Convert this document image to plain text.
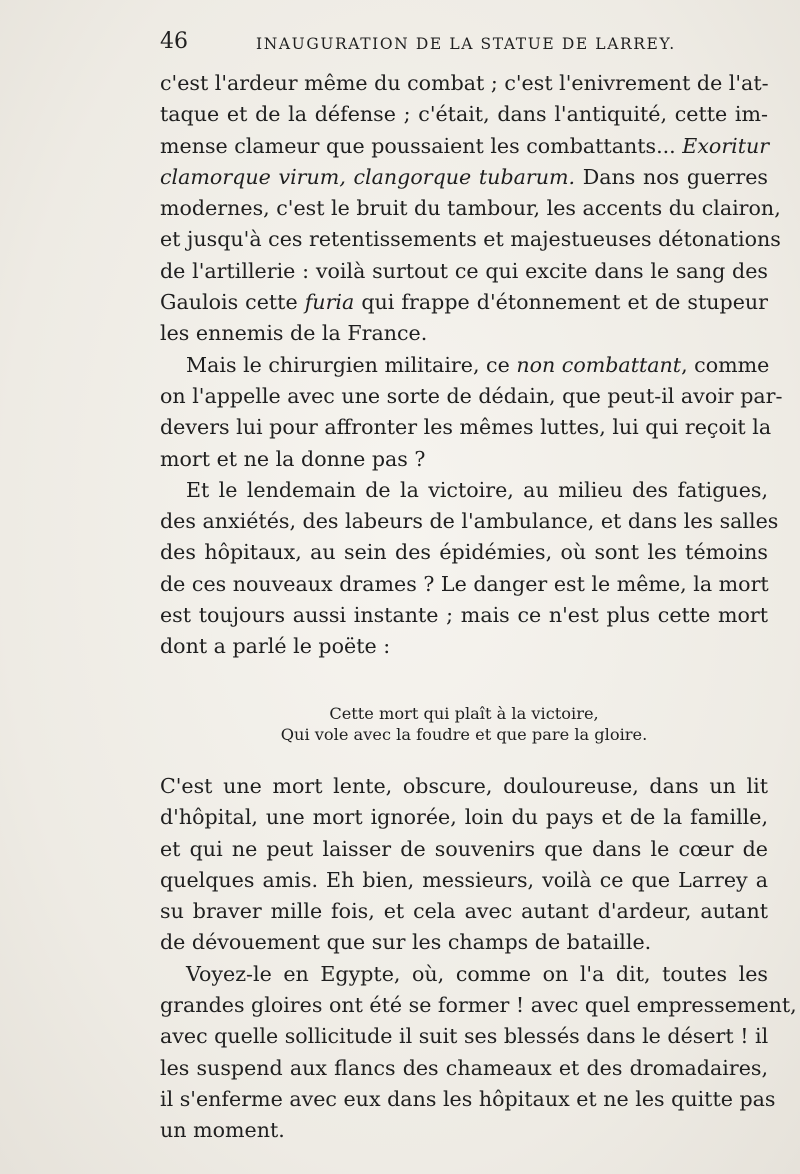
46	INAUGURATION DE LA STATUE DE LARREY.
c'est l'ardeur même du combat ; c'est l'enivrement de l'at-
taque et de la défense ; c'était, dans l'antiquité, cette im-
mense clameur que poussaient les combattants... Exoritur
clamorque virum, clangorque tubarum. Dans nos guerres
modernes, c'est le bruit du tambour, les accents du clairon,
et jusqu'à ces retentissements et majestueuses détonations
de l'artillerie : voilà surtout ce qui excite dans le sang des
Gaulois cette furia qui frappe d'étonnement et de stupeur
les ennemis de la France.
Mais le chirurgien militaire, ce non combattant, comme
on l'appelle avec une sorte de dédain, que peut-il avoir par-
devers lui pour affronter les mêmes luttes, lui qui reçoit la
mort et ne la donne pas ?
Et le lendemain de la victoire, au milieu des fatigues,
des anxiétés, des labeurs de l'ambulance, et dans les salles
des hôpitaux, au sein des épidémies, où sont les témoins
de ces nouveaux drames ? Le danger est le même, la mort
est toujours aussi instante ; mais ce n'est plus cette mort
dont a parlé le poëte :
Cette mort qui plaît à la victoire,
Qui vole avec la foudre et que pare la gloire.
C'est une mort lente, obscure, douloureuse, dans un lit
d'hôpital, une mort ignorée, loin du pays et de la famille,
et qui ne peut laisser de souvenirs que dans le cœur de
quelques amis. Eh bien, messieurs, voilà ce que Larrey a
su braver mille fois, et cela avec autant d'ardeur, autant
de dévouement que sur les champs de bataille.
Voyez-le en Egypte, où, comme on l'a dit, toutes les
grandes gloires ont été se former ! avec quel empressement,
avec quelle sollicitude il suit ses blessés dans le désert ! il
les suspend aux flancs des chameaux et des dromadaires,
il s'enferme avec eux dans les hôpitaux et ne les quitte pas
un moment.
